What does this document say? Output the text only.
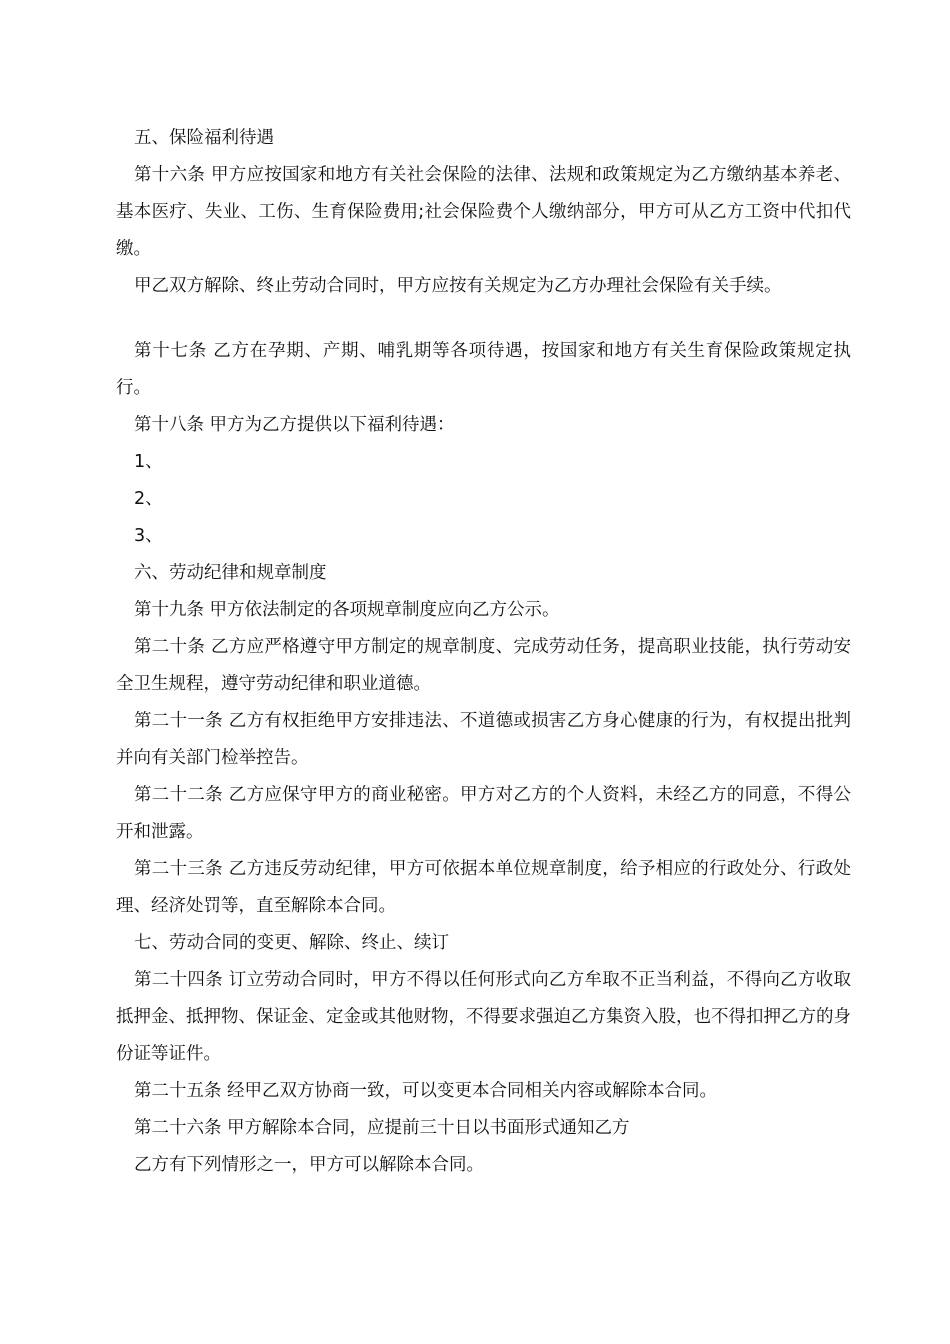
五、保险福利待遇

第十六条 甲方应按国家和地方有关社会保险的法律、法规和政策规定为乙方缴纳基本养老、基本医疗、失业、工伤、生育保险费用;社会保险费个人缴纳部分，甲方可从乙方工资中代扣代缴。

甲乙双方解除、终止劳动合同时，甲方应按有关规定为乙方办理社会保险有关手续。

第十七条 乙方在孕期、产期、哺乳期等各项待遇，按国家和地方有关生育保险政策规定执行。

第十八条 甲方为乙方提供以下福利待遇：

1、

2、

3、

六、劳动纪律和规章制度

第十九条 甲方依法制定的各项规章制度应向乙方公示。

第二十条 乙方应严格遵守甲方制定的规章制度、完成劳动任务，提高职业技能，执行劳动安全卫生规程，遵守劳动纪律和职业道德。

第二十一条 乙方有权拒绝甲方安排违法、不道德或损害乙方身心健康的行为，有权提出批判并向有关部门检举控告。

第二十二条 乙方应保守甲方的商业秘密。甲方对乙方的个人资料，未经乙方的同意，不得公开和泄露。

第二十三条 乙方违反劳动纪律，甲方可依据本单位规章制度，给予相应的行政处分、行政处理、经济处罚等，直至解除本合同。

七、劳动合同的变更、解除、终止、续订

第二十四条 订立劳动合同时，甲方不得以任何形式向乙方牟取不正当利益，不得向乙方收取抵押金、抵押物、保证金、定金或其他财物，不得要求强迫乙方集资入股，也不得扣押乙方的身份证等证件。

第二十五条 经甲乙双方协商一致，可以变更本合同相关内容或解除本合同。

第二十六条 甲方解除本合同，应提前三十日以书面形式通知乙方

乙方有下列情形之一，甲方可以解除本合同。
